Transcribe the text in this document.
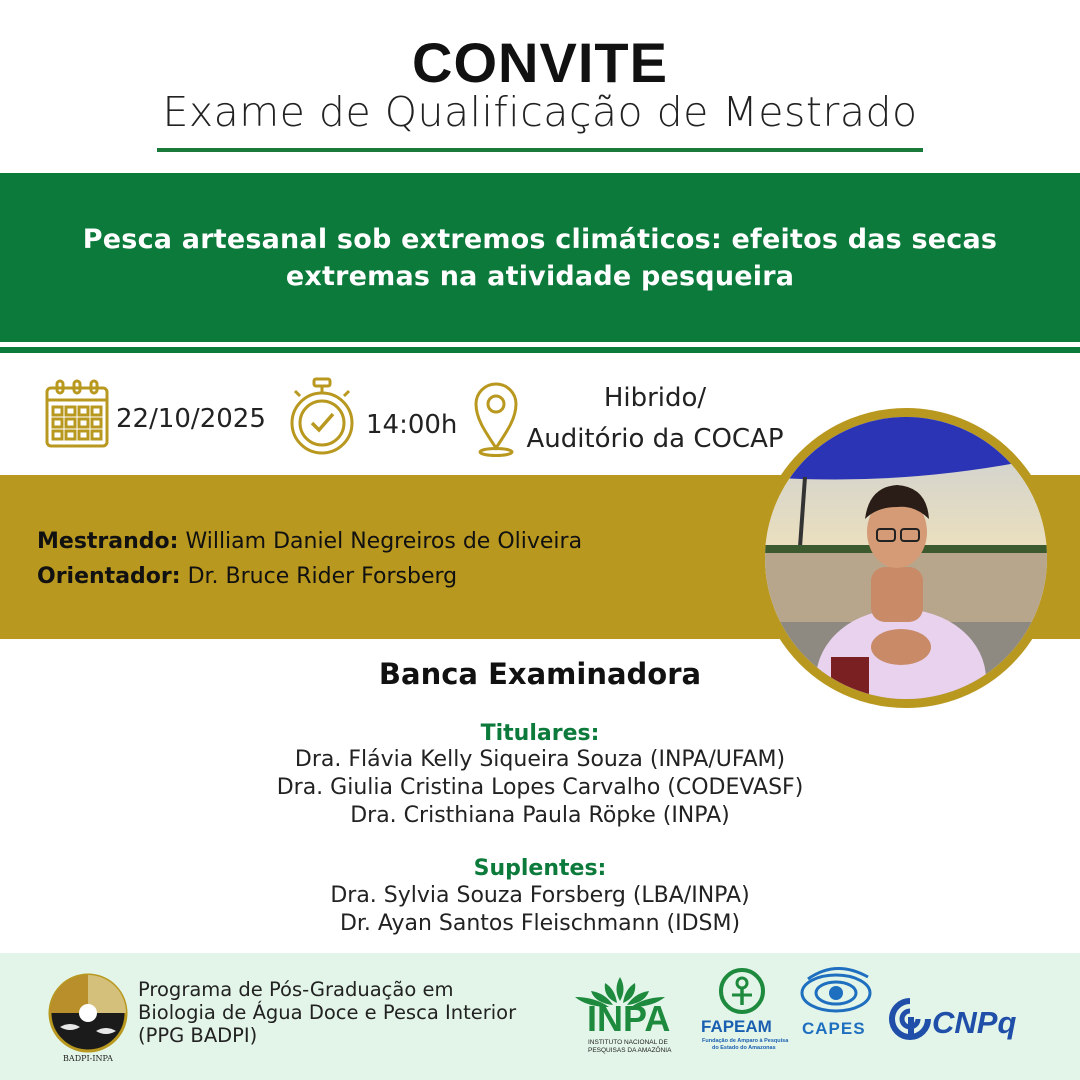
CONVITE
Exame de Qualificação de Mestrado
Pesca artesanal sob extremos climáticos: efeitos das secas
extremas na atividade pesqueira
22/10/2025	14:00h
Hibrido/
Auditório da COCAP
Mestrando: William Daniel Negreiros de Oliveira
Orientador: Dr. Bruce Rider Forsberg
Banca Examinadora
Titulares:
Dra. Flávia Kelly Siqueira Souza (INPA/UFAM)
Dra. Giulia Cristina Lopes Carvalho (CODEVASF)
Dra. Cristhiana Paula Röpke (INPA)
Suplentes:
Dra. Sylvia Souza Forsberg (LBA/INPA)
Dr. Ayan Santos Fleischmann (IDSM)
BADPI-INPA
Programa de Pós-Graduação em
Biologia de Água Doce e Pesca Interior
(PPG BADPI)	INPA
INSTITUTO NACIONAL DE
PESQUISAS DA AMAZÔNIA
FAPEAM
Fundação de Amparo à Pesquisa
do Estado do Amazonas
CAPES CNPq
